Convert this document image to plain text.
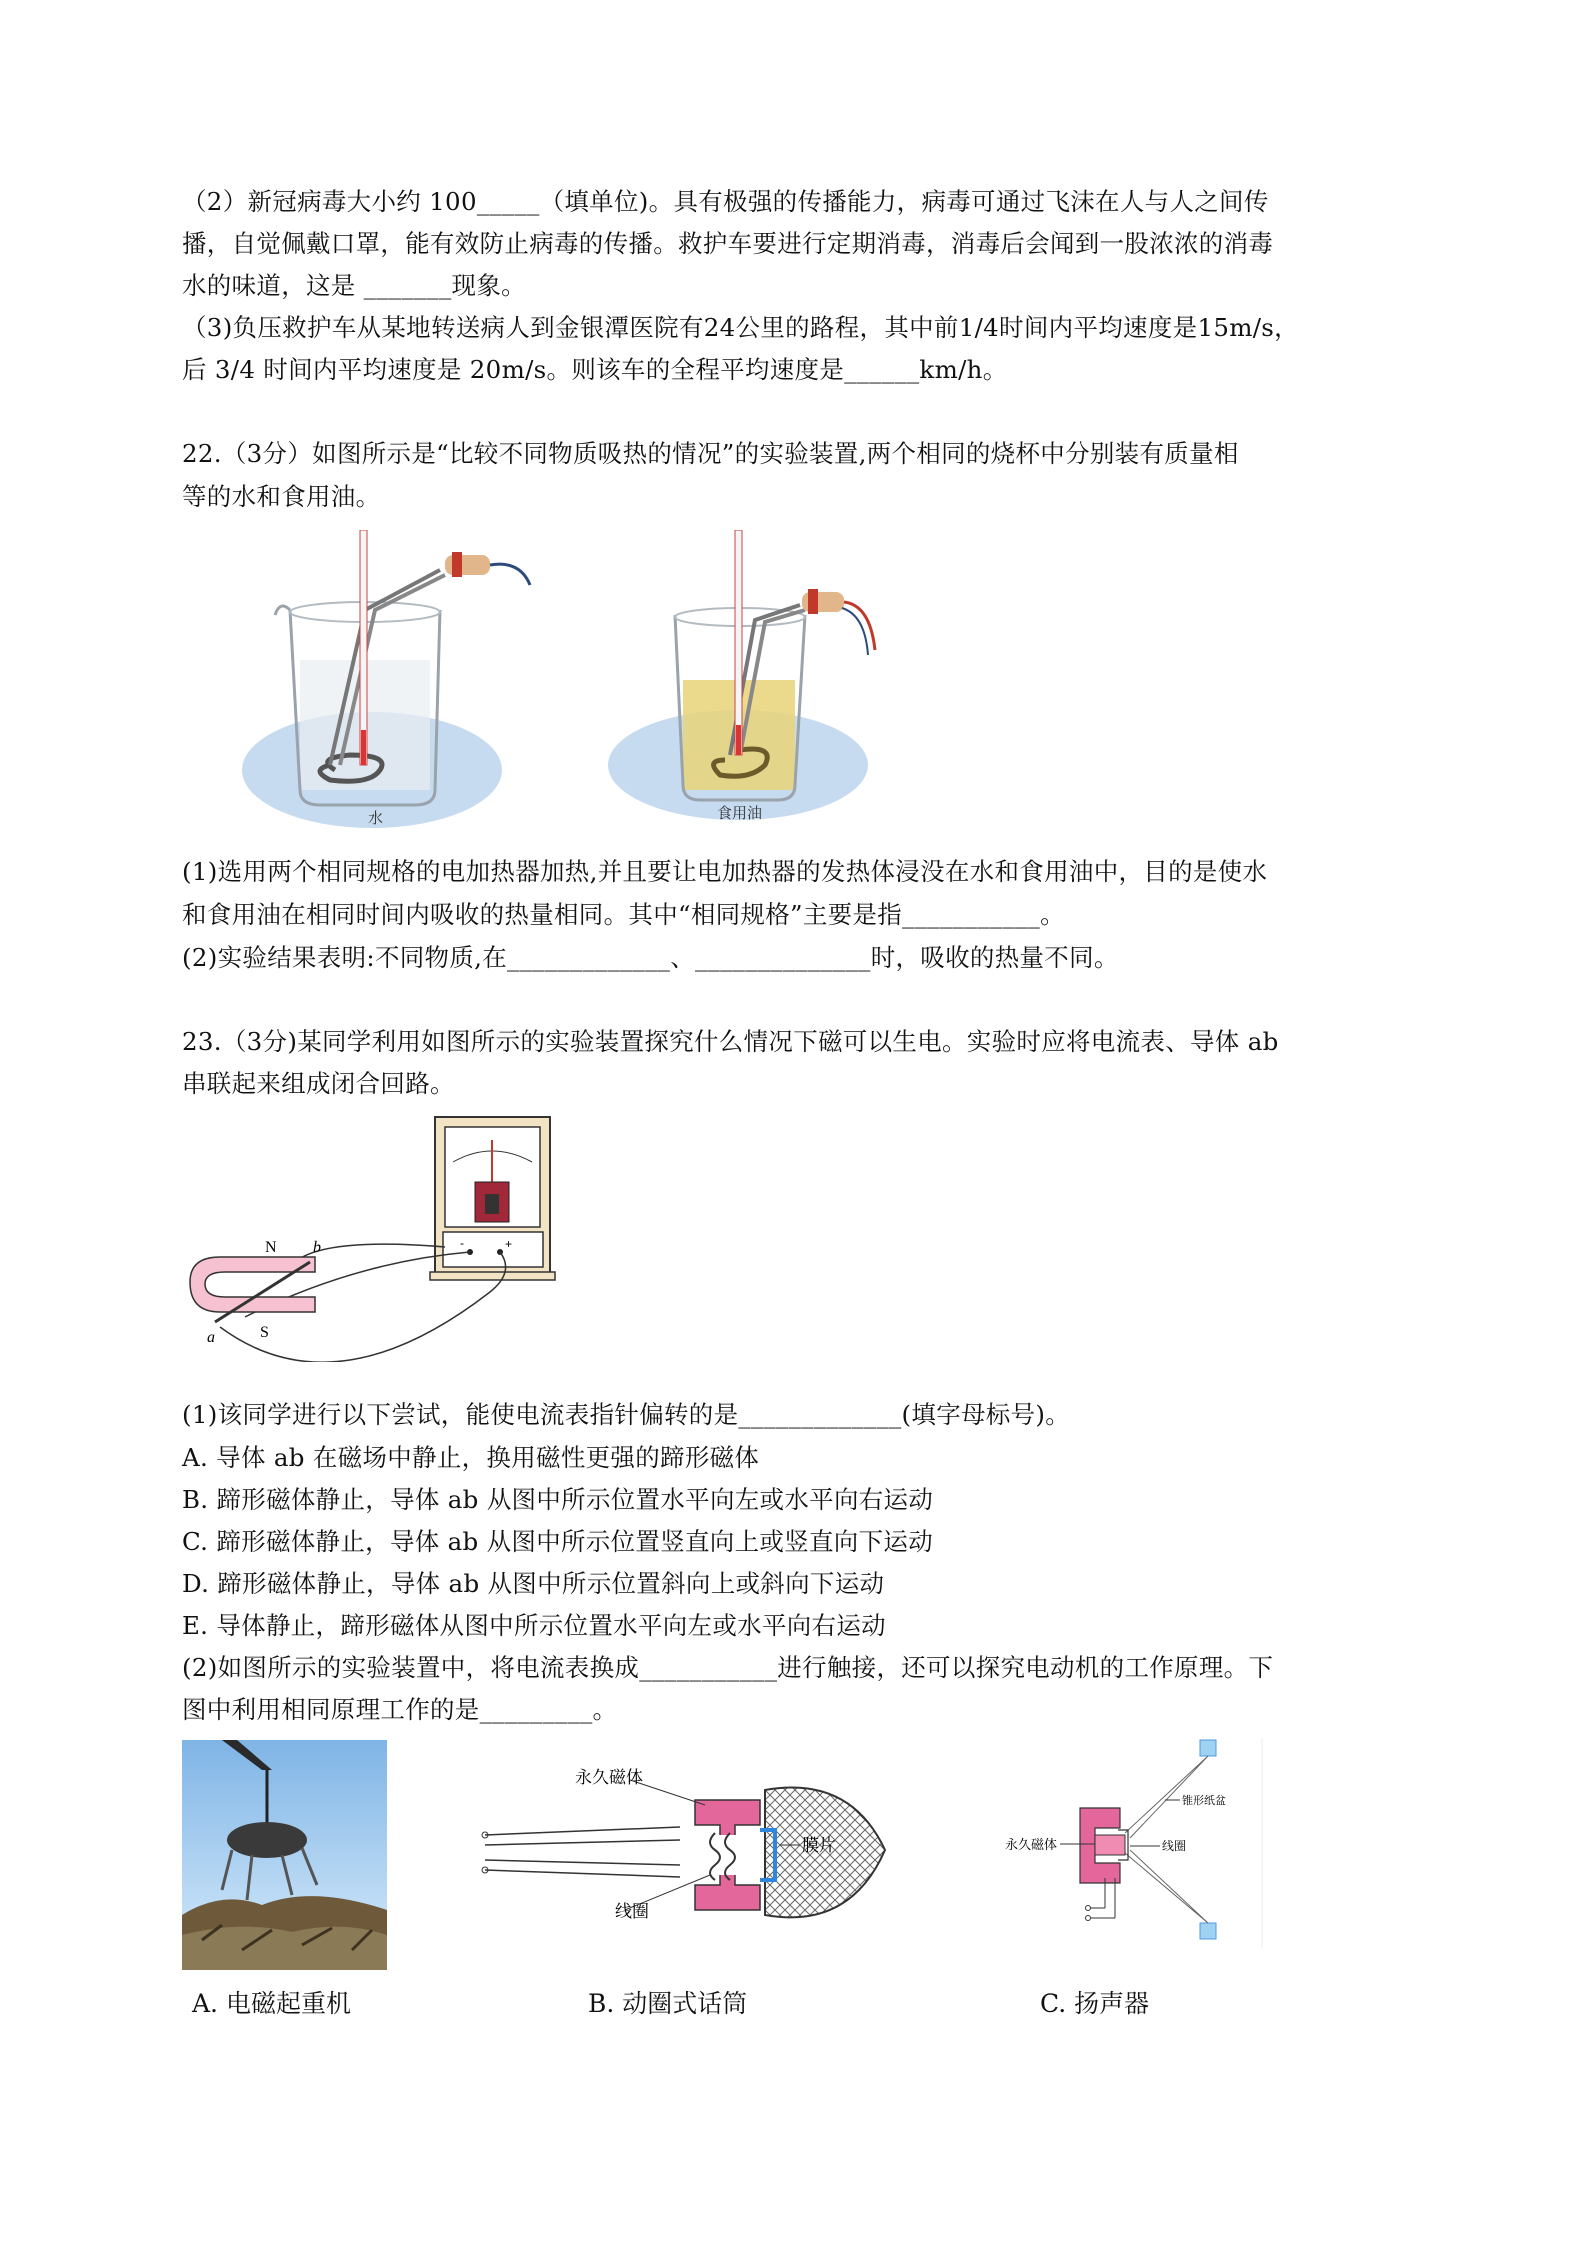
（2）新冠病毒大小约 100_____（填单位)。具有极强的传播能力，病毒可通过飞沫在人与人之间传
播，自觉佩戴口罩，能有效防止病毒的传播。救护车要进行定期消毒，消毒后会闻到一股浓浓的消毒
水的味道，这是 _______现象。
（3)负压救护车从某地转送病人到金银潭医院有24公里的路程，其中前1/4时间内平均速度是15m/s，
后 3/4 时间内平均速度是 20m/s。则该车的全程平均速度是______km/h。
22.（3分）如图所示是“比较不同物质吸热的情况”的实验装置,两个相同的烧杯中分别装有质量相
等的水和食用油。
水	食用油
(1)选用两个相同规格的电加热器加热,并且要让电加热器的发热体浸没在水和食用油中，目的是使水
和食用油在相同时间内吸收的热量相同。其中“相同规格”主要是指___________。
(2)实验结果表明:不同物质,在_____________、______________时，吸收的热量不同。
23.（3分)某同学利用如图所示的实验装置探究什么情况下磁可以生电。实验时应将电流表、导体 ab
串联起来组成闭合回路。
-	+
N
S
b
a
(1)该同学进行以下尝试，能使电流表指针偏转的是_____________(填字母标号)。
A. 导体 ab 在磁场中静止，换用磁性更强的蹄形磁体
B. 蹄形磁体静止，导体 ab 从图中所示位置水平向左或水平向右运动
C. 蹄形磁体静止，导体 ab 从图中所示位置竖直向上或竖直向下运动
D. 蹄形磁体静止，导体 ab 从图中所示位置斜向上或斜向下运动
E. 导体静止，蹄形磁体从图中所示位置水平向左或水平向右运动
(2)如图所示的实验装置中，将电流表换成___________进行触接，还可以探究电动机的工作原理。下
图中利用相同原理工作的是_________。
永久磁体
线圈
膜片	永久磁体
锥形纸盆
线圈
A. 电磁起重机	B. 动圈式话筒	C. 扬声器
